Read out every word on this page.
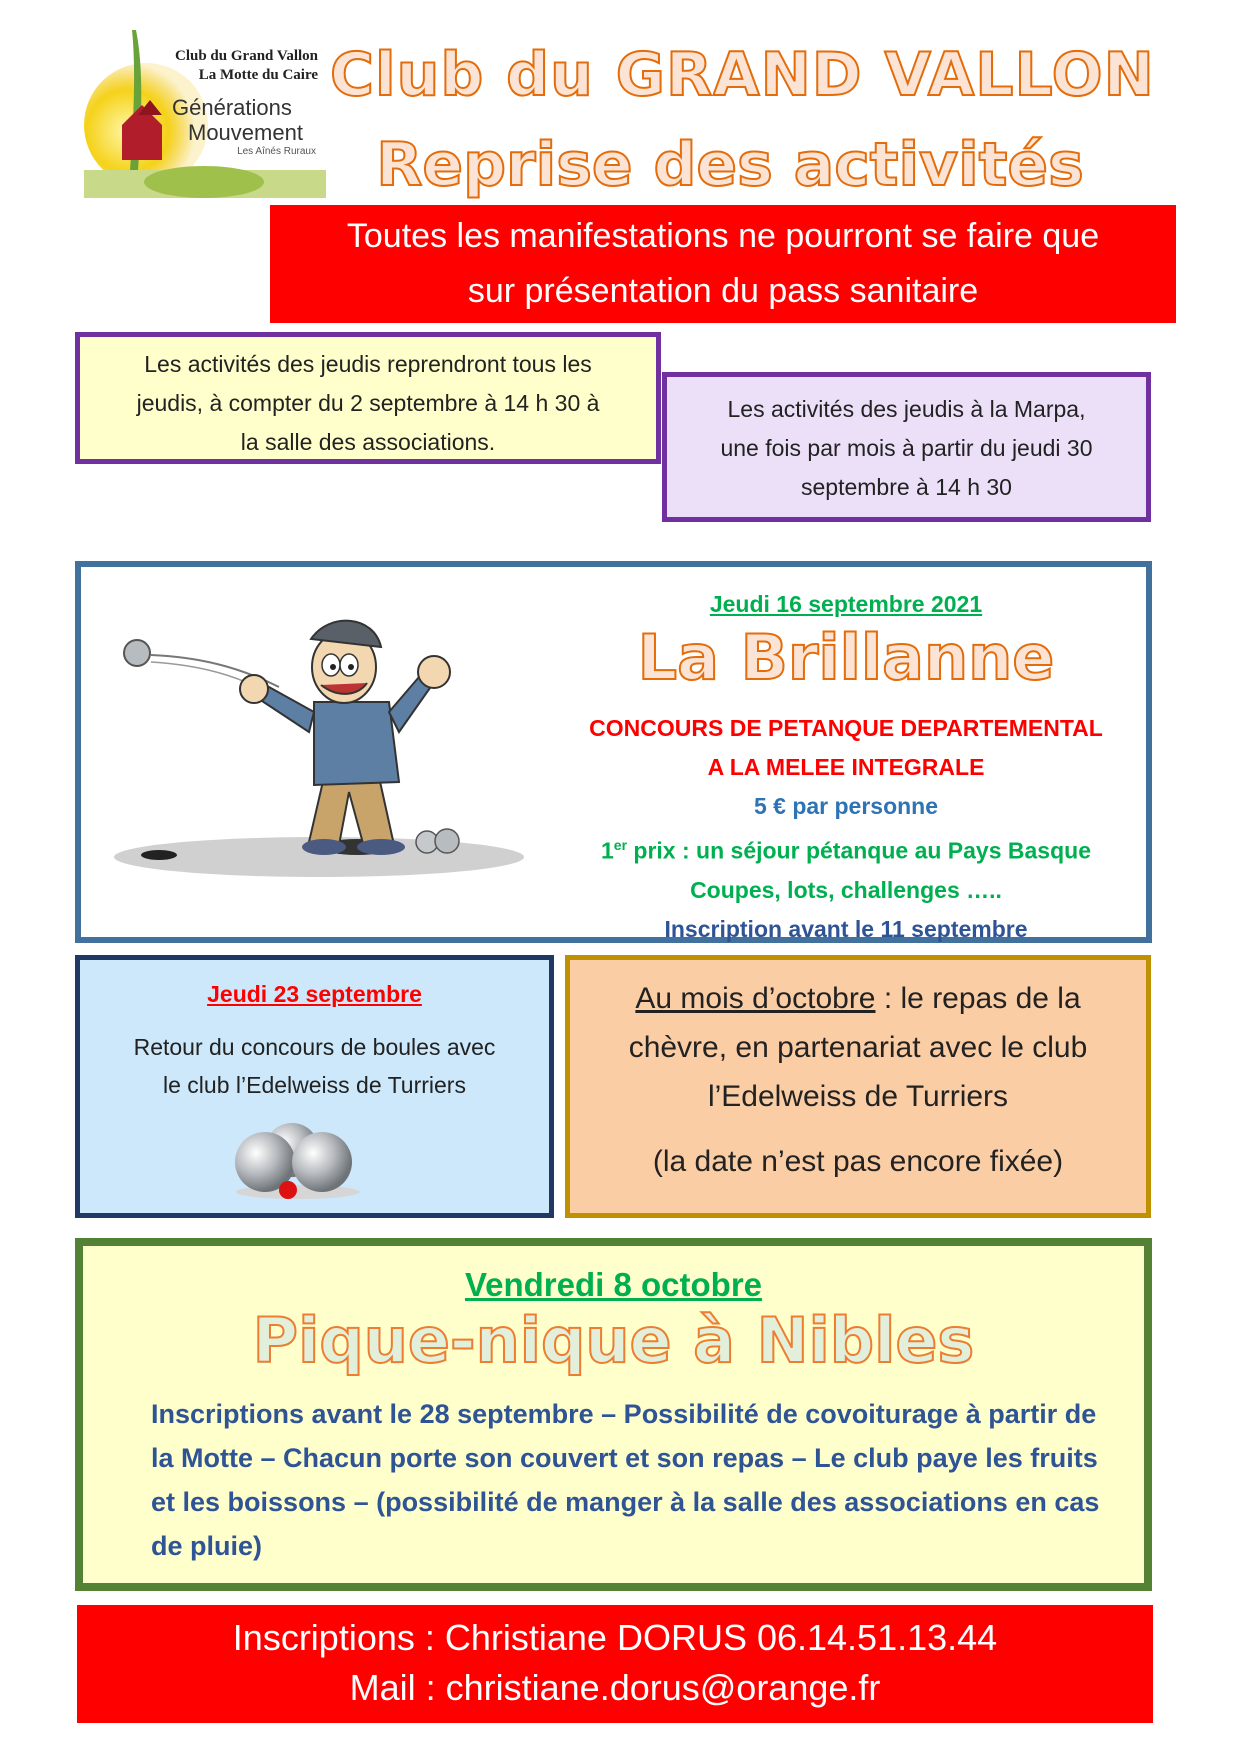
Club du Grand Vallon
La Motte du Caire
Générations
Mouvement
Les Aînés Ruraux
Club du GRAND VALLON
Reprise des activités
Toutes les manifestations ne pourront se faire que
sur présentation du pass sanitaire
Les activités des jeudis reprendront tous les
jeudis, à compter du 2 septembre à 14 h 30 à
la salle des associations.
Les activités des jeudis à la Marpa,
une fois par mois à partir du jeudi 30
septembre à 14 h 30
Jeudi 16 septembre 2021
La Brillanne
CONCOURS DE PETANQUE DEPARTEMENTAL
A LA MELEE INTEGRALE
5 € par personne
1er prix : un séjour pétanque au Pays Basque
Coupes, lots, challenges …..
Inscription avant le 11 septembre
Jeudi 23 septembre
Retour du concours de boules avec
le club l’Edelweiss de Turriers
Au mois d’octobre : le repas de la
chèvre, en partenariat avec le club
l’Edelweiss de Turriers
(la date n’est pas encore fixée)
Vendredi 8 octobre
Pique-nique à Nibles
Inscriptions avant le 28 septembre – Possibilité de covoiturage à partir de la Motte – Chacun porte son couvert et son repas – Le club paye les fruits et les boissons – (possibilité de manger à la salle des associations en cas de pluie)
Inscriptions : Christiane DORUS 06.14.51.13.44
Mail : christiane.dorus@orange.fr
